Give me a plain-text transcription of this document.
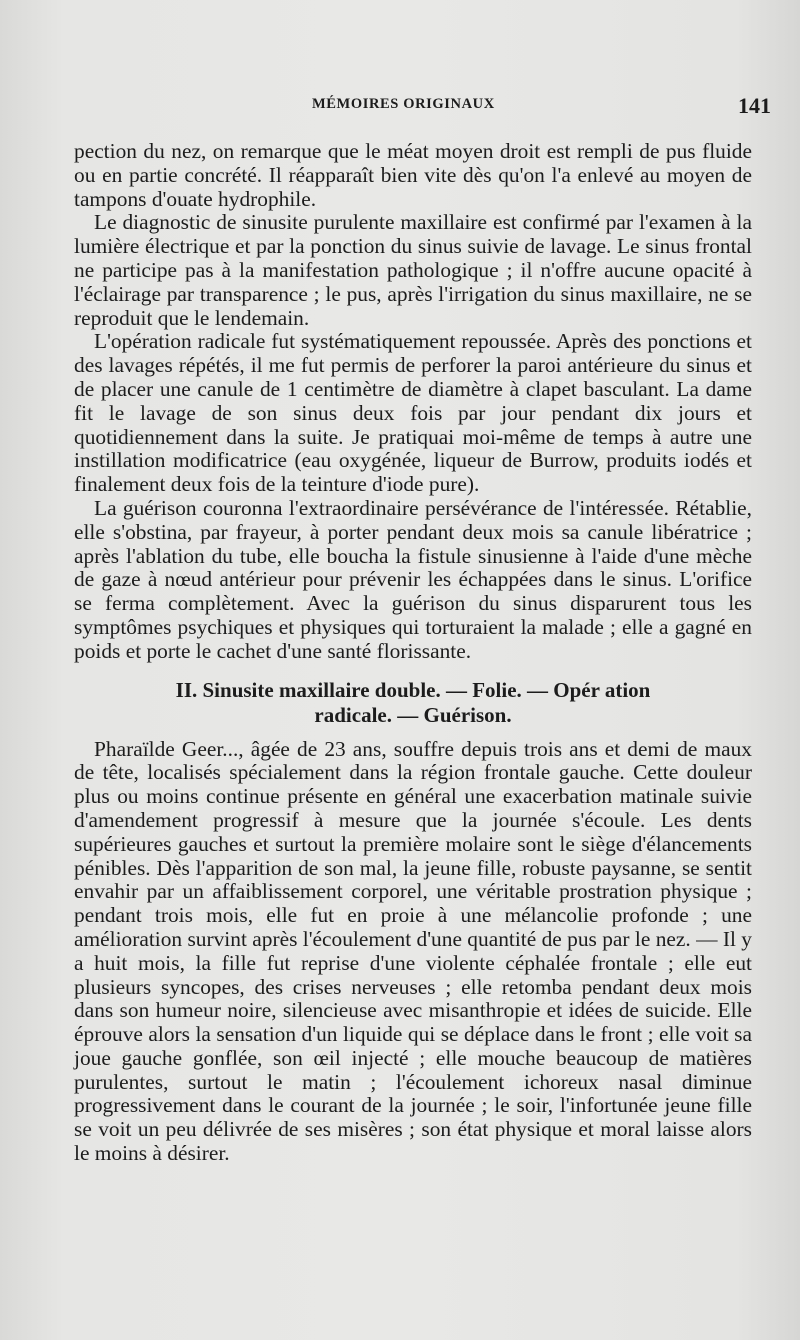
MÉMOIRES ORIGINAUX	141

pection du nez, on remarque que le méat moyen droit est rempli de pus fluide ou en partie concrété. Il réapparaît bien vite dès qu'on l'a enlevé au moyen de tampons d'ouate hydrophile.

Le diagnostic de sinusite purulente maxillaire est confirmé par l'examen à la lumière électrique et par la ponction du sinus suivie de lavage. Le sinus frontal ne participe pas à la manifestation pathologique ; il n'offre aucune opacité à l'éclairage par transparence ; le pus, après l'irrigation du sinus maxillaire, ne se reproduit que le lendemain.

L'opération radicale fut systématiquement repoussée. Après des ponctions et des lavages répétés, il me fut permis de perforer la paroi antérieure du sinus et de placer une canule de 1 centimètre de diamètre à clapet basculant. La dame fit le lavage de son sinus deux fois par jour pendant dix jours et quotidiennement dans la suite. Je pratiquai moi-même de temps à autre une instillation modificatrice (eau oxygénée, liqueur de Burrow, produits iodés et finalement deux fois de la teinture d'iode pure).

La guérison couronna l'extraordinaire persévérance de l'intéressée. Rétablie, elle s'obstina, par frayeur, à porter pendant deux mois sa canule libératrice ; après l'ablation du tube, elle boucha la fistule sinusienne à l'aide d'une mèche de gaze à nœud antérieur pour prévenir les échappées dans le sinus. L'orifice se ferma complètement. Avec la guérison du sinus disparurent tous les symptômes psychiques et physiques qui torturaient la malade ; elle a gagné en poids et porte le cachet d'une santé florissante.

II. Sinusite maxillaire double. — Folie. — Opér ation
radicale. — Guérison.

Pharaïlde Geer..., âgée de 23 ans, souffre depuis trois ans et demi de maux de tête, localisés spécialement dans la région frontale gauche. Cette douleur plus ou moins continue présente en général une exacerbation matinale suivie d'amendement progressif à mesure que la journée s'écoule. Les dents supérieures gauches et surtout la première molaire sont le siège d'élancements pénibles. Dès l'apparition de son mal, la jeune fille, robuste paysanne, se sentit envahir par un affaiblissement corporel, une véritable prostration physique ; pendant trois mois, elle fut en proie à une mélancolie profonde ; une amélioration survint après l'écoulement d'une quantité de pus par le nez. — Il y a huit mois, la fille fut reprise d'une violente céphalée frontale ; elle eut plusieurs syncopes, des crises nerveuses ; elle retomba pendant deux mois dans son humeur noire, silencieuse avec misanthropie et idées de suicide. Elle éprouve alors la sensation d'un liquide qui se déplace dans le front ; elle voit sa joue gauche gonflée, son œil injecté ; elle mouche beaucoup de matières purulentes, surtout le matin ; l'écoulement ichoreux nasal diminue progressivement dans le courant de la journée ; le soir, l'infortunée jeune fille se voit un peu délivrée de ses misères ; son état physique et moral laisse alors le moins à désirer.
